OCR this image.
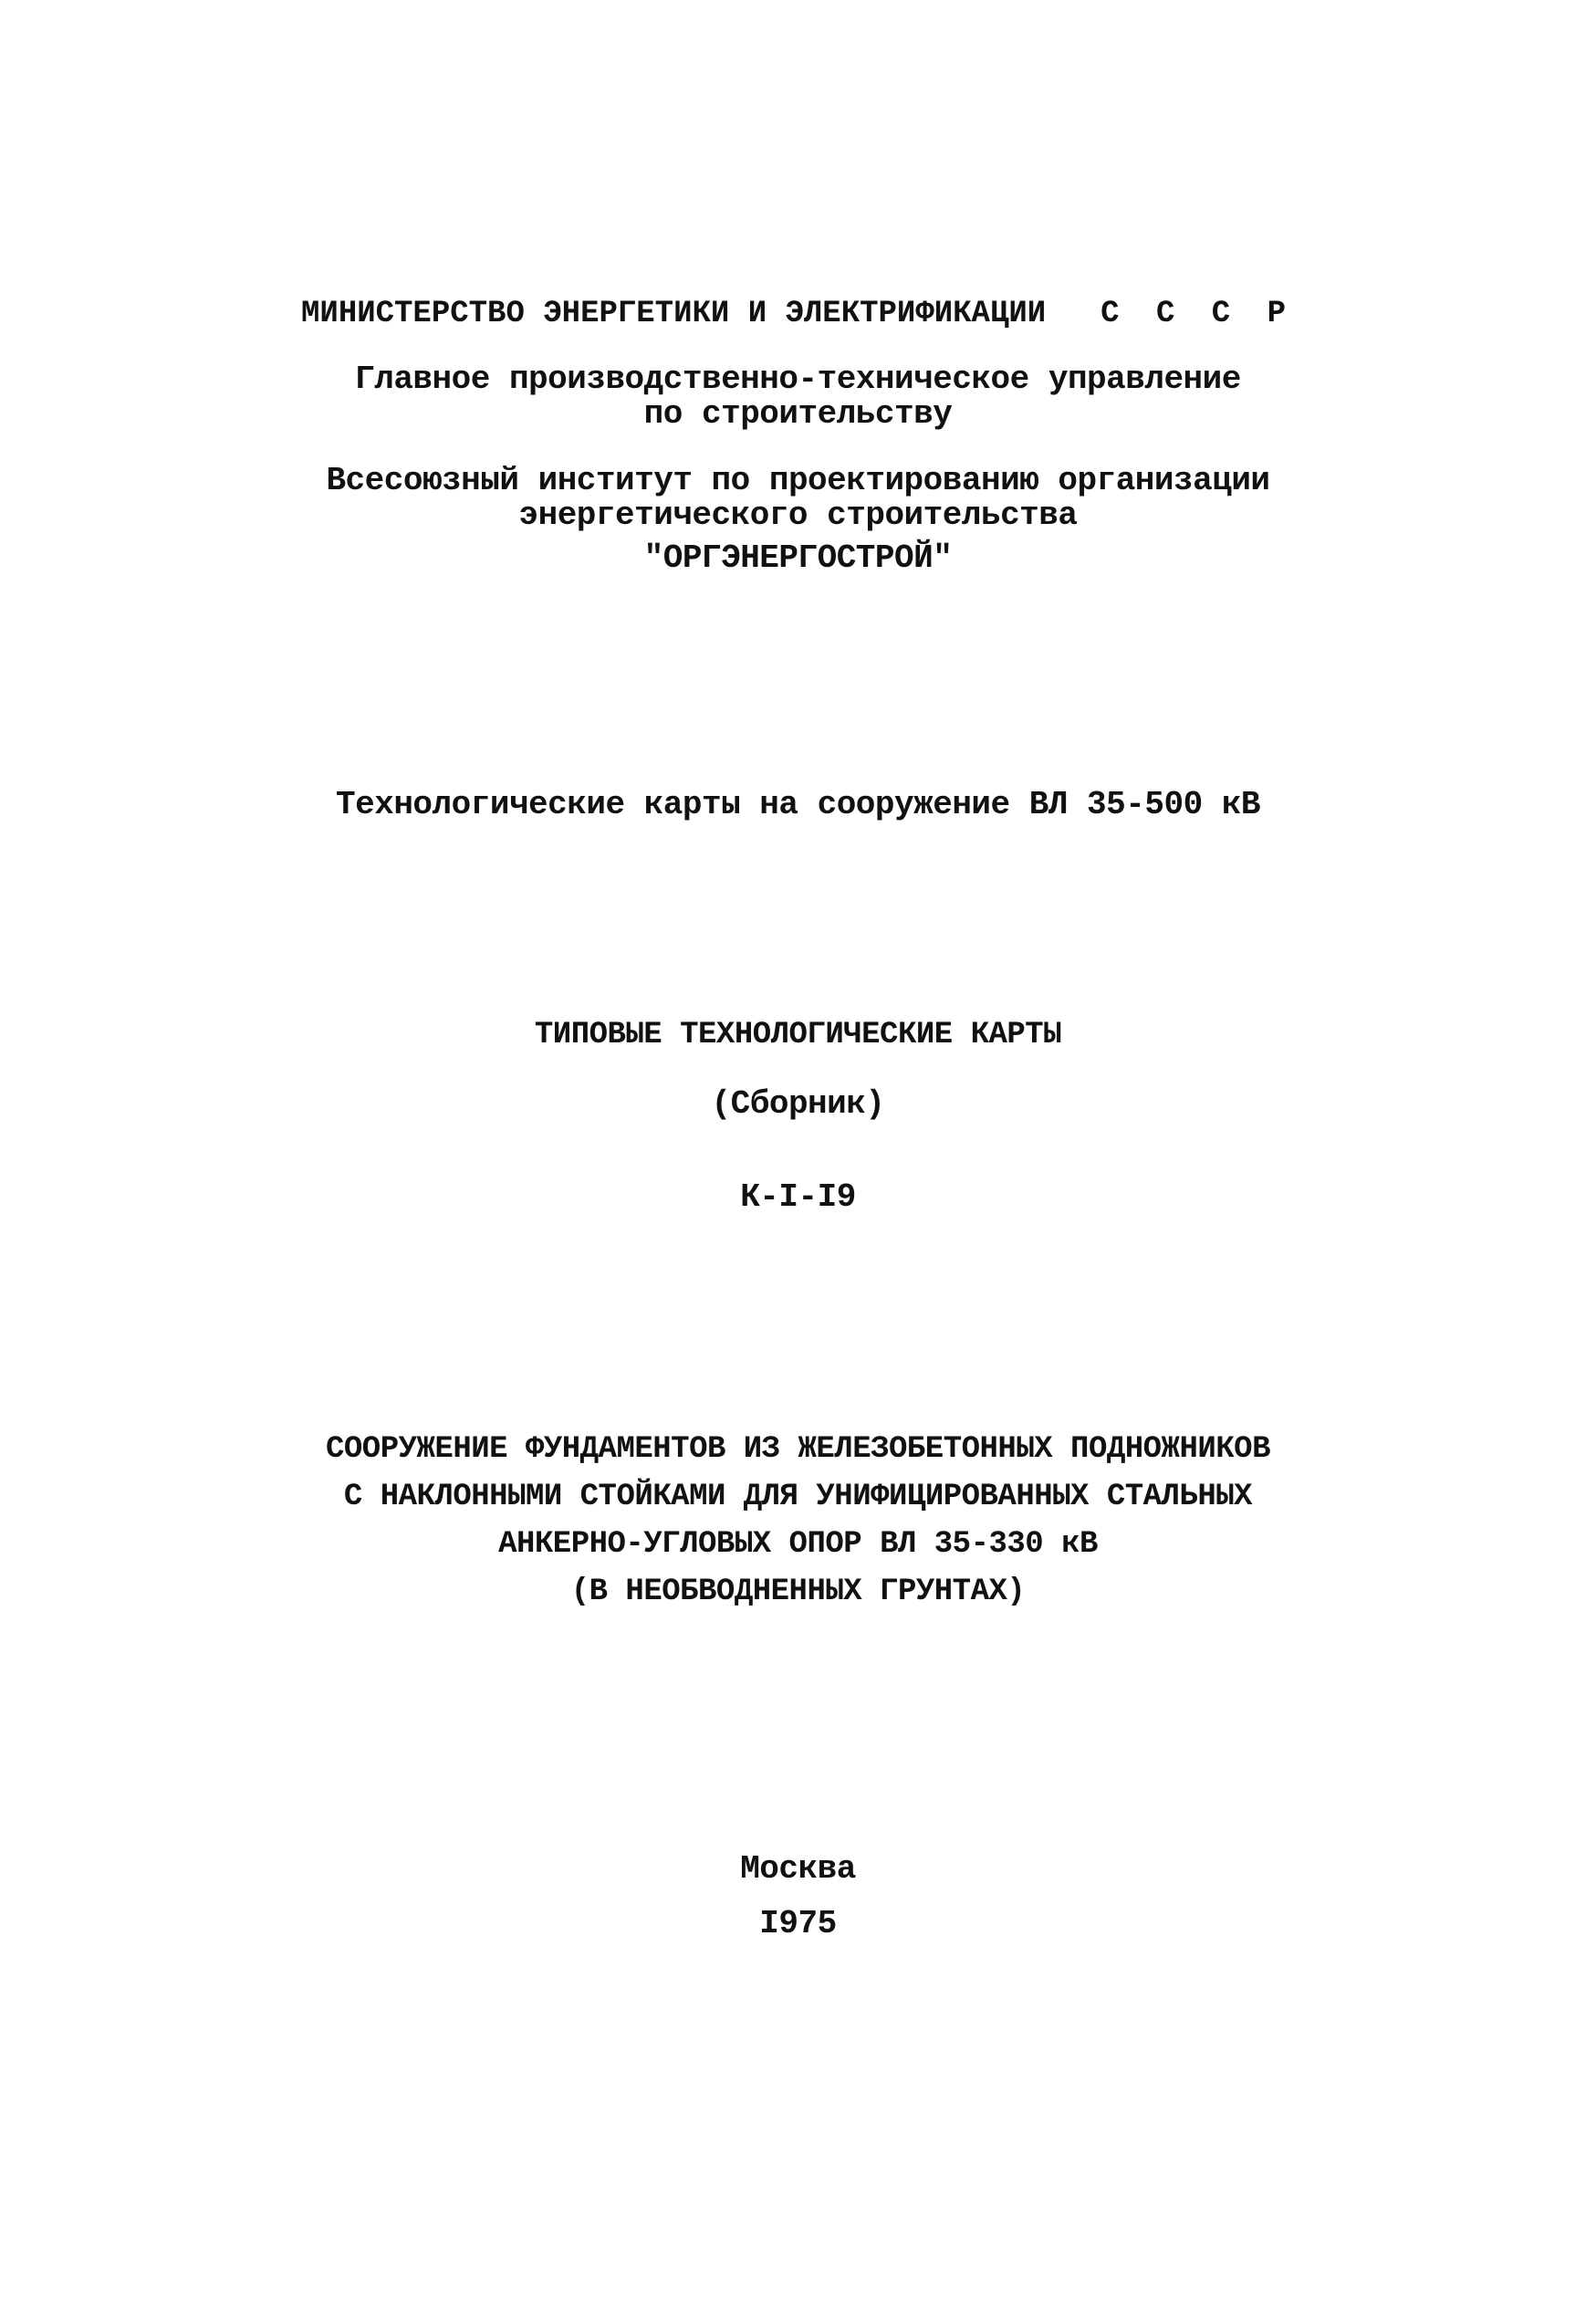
МИНИСТЕРСТВО ЭНЕРГЕТИКИ И ЭЛЕКТРИФИКАЦИИ С С С Р
Главное производственно-техническое управление
по строительству
Всесоюзный институт по проектированию организации
энергетического строительства
"ОРГЭНЕРГОСТРОЙ"
Технологические карты на сооружение ВЛ 35-500 кВ
ТИПОВЫЕ ТЕХНОЛОГИЧЕСКИЕ КАРТЫ
(Сборник)
К-I-I9
СООРУЖЕНИЕ ФУНДАМЕНТОВ ИЗ ЖЕЛЕЗОБЕТОННЫХ ПОДНОЖНИКОВ
С НАКЛОННЫМИ СТОЙКАМИ ДЛЯ УНИФИЦИРОВАННЫХ СТАЛЬНЫХ
АНКЕРНО-УГЛОВЫХ ОПОР ВЛ 35-330 кВ
(В НЕОБВОДНЕННЫХ ГРУНТАХ)
Москва
I975
